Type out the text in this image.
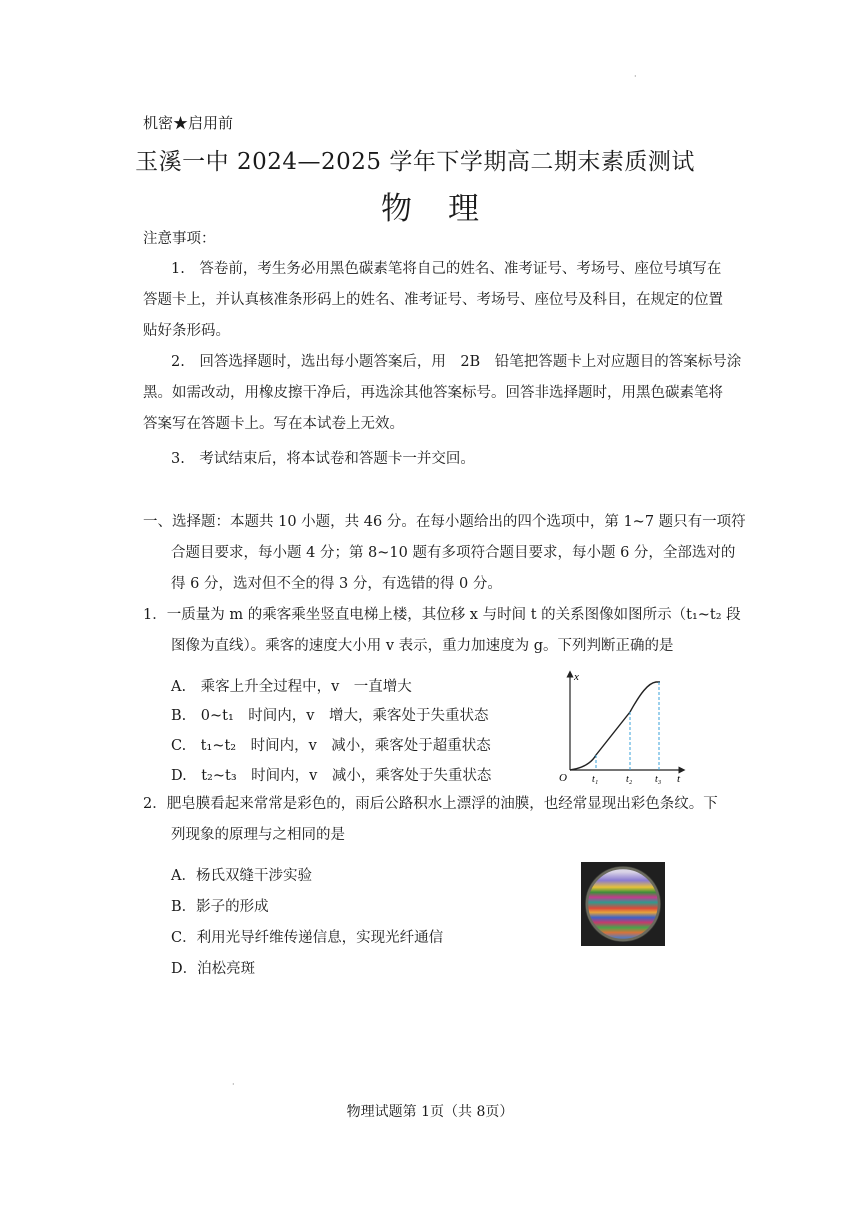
·
机密★启用前
玉溪一中 2024—2025 学年下学期高二期末素质测试
物理
注意事项：
1.　答卷前，考生务必用黑色碳素笔将自己的姓名、准考证号、考场号、座位号填写在
答题卡上，并认真核准条形码上的姓名、准考证号、考场号、座位号及科目，在规定的位置
贴好条形码。
2.　回答选择题时，选出每小题答案后，用　2B　铅笔把答题卡上对应题目的答案标号涂
黑。如需改动，用橡皮擦干净后，再选涂其他答案标号。回答非选择题时，用黑色碳素笔将
答案写在答题卡上。写在本试卷上无效。
3.　考试结束后，将本试卷和答题卡一并交回。
一、选择题：本题共 10 小题，共 46 分。在每小题给出的四个选项中，第 1~7 题只有一项符
合题目要求，每小题 4 分；第 8~10 题有多项符合题目要求，每小题 6 分，全部选对的
得 6 分，选对但不全的得 3 分，有选错的得 0 分。
1．一质量为 m 的乘客乘坐竖直电梯上楼，其位移 x 与时间 t 的关系图像如图所示（t₁~t₂ 段
图像为直线）。乘客的速度大小用 v 表示，重力加速度为 g。下列判断正确的是
A.　乘客上升全过程中，v　一直增大
B.　0~t₁　时间内，v　增大，乘客处于失重状态
C.　t₁~t₂　时间内，v　减小，乘客处于超重状态
D.　t₂~t₃　时间内，v　减小，乘客处于失重状态
x
t
O	t₁	t₂ t₃
2．肥皂膜看起来常常是彩色的，雨后公路积水上漂浮的油膜，也经常显现出彩色条纹。下
列现象的原理与之相同的是
A．杨氏双缝干涉实验
B．影子的形成
C．利用光导纤维传递信息，实现光纤通信
D．泊松亮斑
·
物理试题第 1页（共 8页）
